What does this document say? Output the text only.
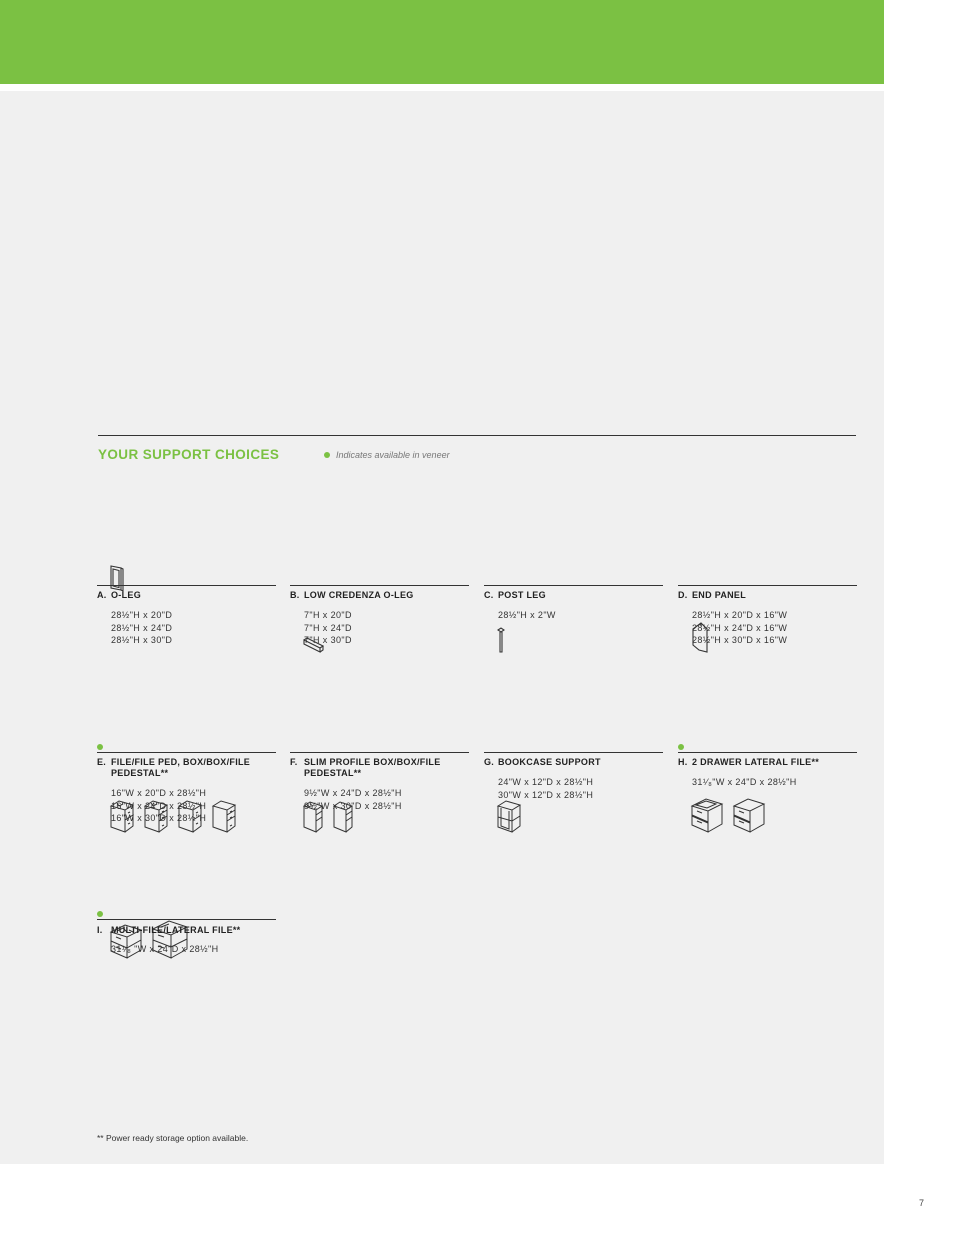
YOUR SUPPORT CHOICES	Indicates available in veneer
A. O-LEG
28½"H x 20"D
28½"H x 24"D
28½"H x 30"D
B. LOW CREDENZA O-LEG
7"H x 20"D
7"H x 24"D
7"H x 30"D
C. POST LEG
28½"H x 2"W
D. END PANEL
28½"H x 20"D x 16"W
28½"H x 24"D x 16"W
28½"H x 30"D x 16"W
E. FILE/FILE PED, BOX/BOX/FILE PEDESTAL**
16"W x 20"D x 28½"H
16"W x 24"D x 28½"H
16"W x 30"D x 28½"H
F. SLIM PROFILE BOX/BOX/FILE PEDESTAL**
9½"W x 24"D x 28½"H
9½"W x 30"D x 28½"H
G. BOOKCASE SUPPORT
24"W x 12"D x 28½"H
30"W x 12"D x 28½"H
H. 2 DRAWER LATERAL FILE**
31¹⁄₈"W x 24"D x 28½"H
I. MULTI-FILE/LATERAL FILE**
31¹⁄₈ "W x 24"D x 28½"H
** Power ready storage option available.
7
